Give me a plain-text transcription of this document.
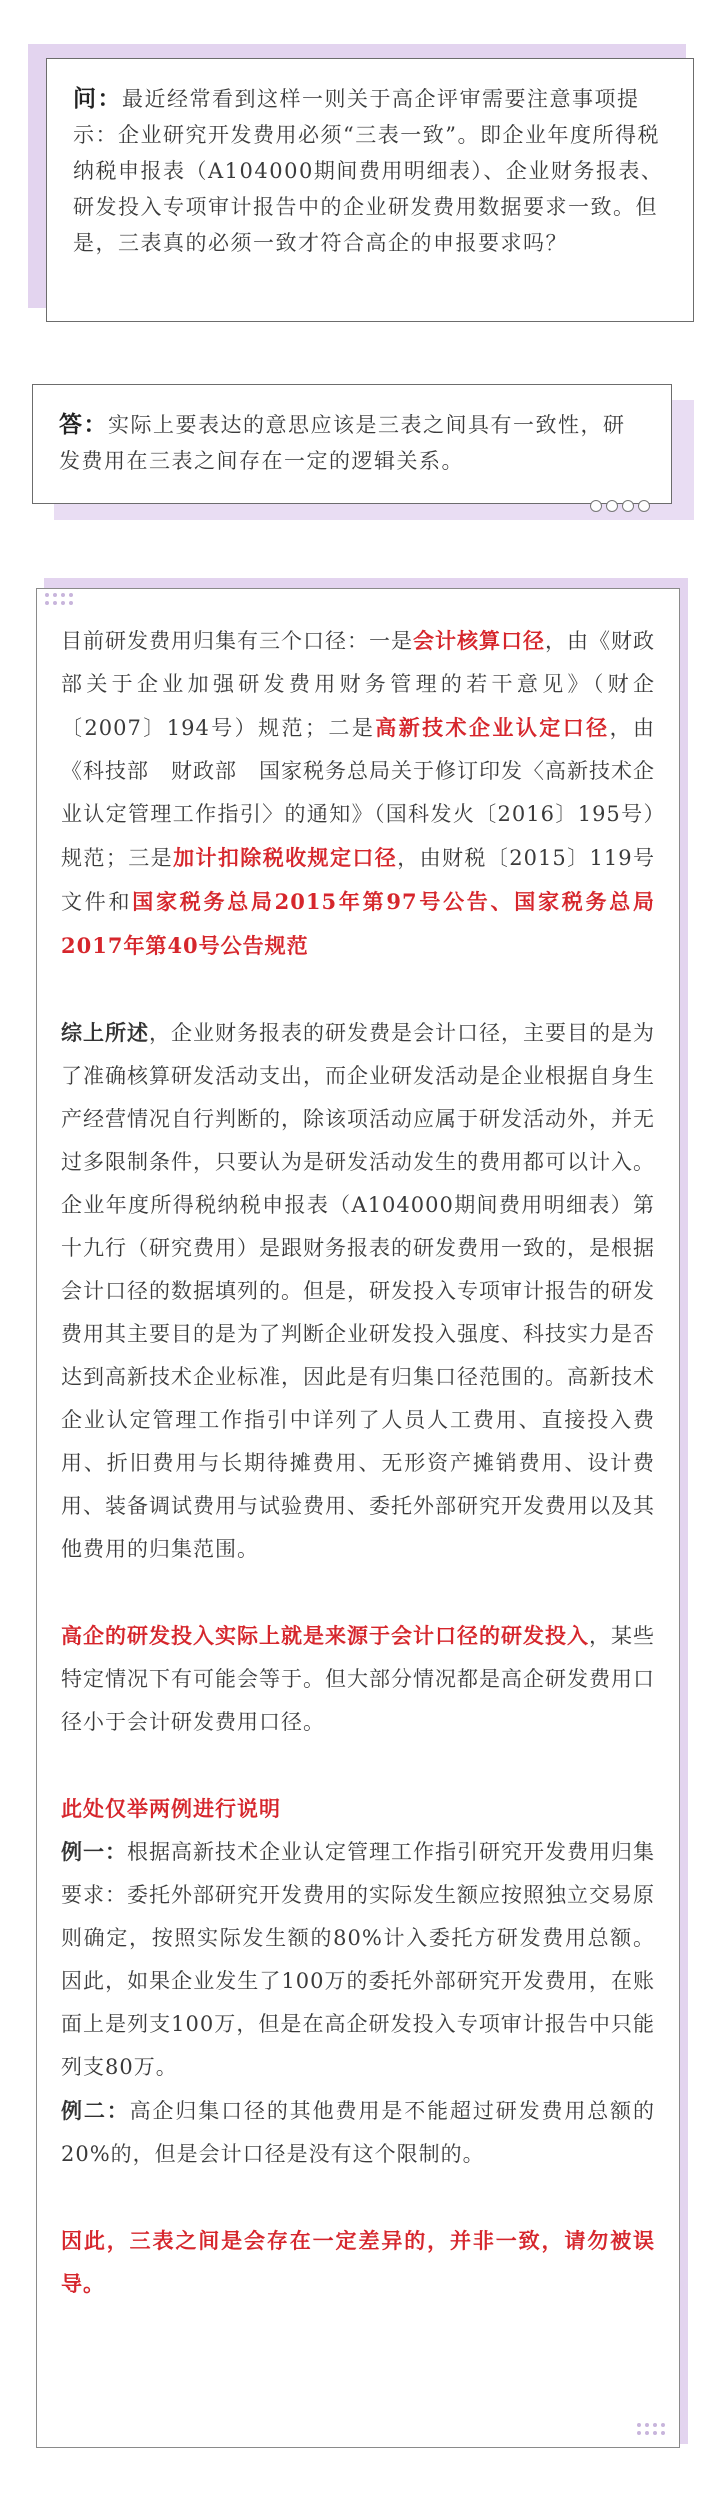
问：最近经常看到这样一则关于高企评审需要注意事项提示：企业研究开发费用必须“三表一致”。即企业年度所得税纳税申报表（A104000期间费用明细表）、企业财务报表、研发投入专项审计报告中的企业研发费用数据要求一致。但是，三表真的必须一致才符合高企的申报要求吗？
答：实际上要表达的意思应该是三表之间具有一致性，研发费用在三表之间存在一定的逻辑关系。

目前研发费用归集有三个口径：一是会计核算口径，由《财政部关于企业加强研发费用财务管理的若干意见》（财企〔2007〕194号）规范；二是高新技术企业认定口径，由《科技部　财政部　国家税务总局关于修订印发〈高新技术企业认定管理工作指引〉的通知》（国科发火〔2016〕195号）规范；三是加计扣除税收规定口径，由财税〔2015〕119号文件和国家税务总局2015年第97号公告、国家税务总局2017年第40号公告规范

综上所述，企业财务报表的研发费是会计口径，主要目的是为了准确核算研发活动支出，而企业研发活动是企业根据自身生产经营情况自行判断的，除该项活动应属于研发活动外，并无过多限制条件，只要认为是研发活动发生的费用都可以计入。企业年度所得税纳税申报表（A104000期间费用明细表）第十九行（研究费用）是跟财务报表的研发费用一致的，是根据会计口径的数据填列的。但是，研发投入专项审计报告的研发费用其主要目的是为了判断企业研发投入强度、科技实力是否达到高新技术企业标准，因此是有归集口径范围的。高新技术企业认定管理工作指引中详列了人员人工费用、直接投入费用、折旧费用与长期待摊费用、无形资产摊销费用、设计费用、装备调试费用与试验费用、委托外部研究开发费用以及其他费用的归集范围。

高企的研发投入实际上就是来源于会计口径的研发投入，某些特定情况下有可能会等于。但大部分情况都是高企研发费用口径小于会计研发费用口径。

此处仅举两例进行说明

例一：根据高新技术企业认定管理工作指引研究开发费用归集要求：委托外部研究开发费用的实际发生额应按照独立交易原则确定，按照实际发生额的80%计入委托方研发费用总额。因此，如果企业发生了100万的委托外部研究开发费用，在账面上是列支100万，但是在高企研发投入专项审计报告中只能列支80万。

例二：高企归集口径的其他费用是不能超过研发费用总额的20%的，但是会计口径是没有这个限制的。

因此，三表之间是会存在一定差异的，并非一致，请勿被误导。
